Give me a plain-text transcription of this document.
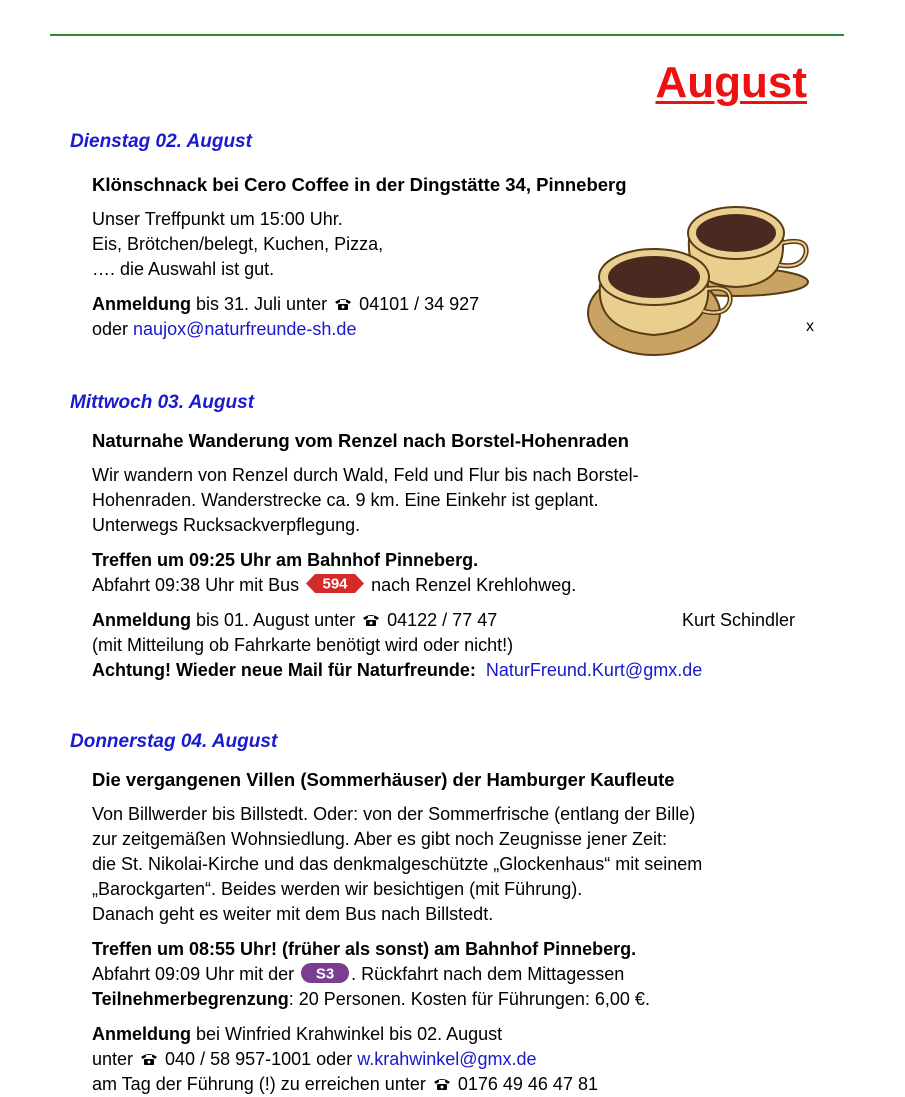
August
Dienstag 02. August
Klönschnack bei Cero Coffee in der Dingstätte 34, Pinneberg
Unser Treffpunkt um 15:00 Uhr.
Eis, Brötchen/belegt, Kuchen, Pizza,
…. die Auswahl ist gut.
Anmeldung bis 31. Juli unter  04101 / 34 927
oder naujox@naturfreunde-sh.de	x
Mittwoch 03. August
Naturnahe Wanderung vom Renzel nach Borstel-Hohenraden
Wir wandern von Renzel durch Wald, Feld und Flur bis nach Borstel-
Hohenraden. Wanderstrecke ca. 9 km. Eine Einkehr ist geplant.
Unterwegs Rucksackverpflegung.
Treffen um 09:25 Uhr am Bahnhof Pinneberg.
Abfahrt 09:38 Uhr mit Bus 594 nach Renzel Krehlohweg.
Anmeldung bis 01. August unter  04122 / 77 47	Kurt Schindler
(mit Mitteilung ob Fahrkarte benötigt wird oder nicht!)
Achtung! Wieder neue Mail für Naturfreunde: NaturFreund.Kurt@gmx.de
Donnerstag 04. August
Die vergangenen Villen (Sommerhäuser) der Hamburger Kaufleute
Von Billwerder bis Billstedt. Oder: von der Sommerfrische (entlang der Bille)
zur zeitgemäßen Wohnsiedlung. Aber es gibt noch Zeugnisse jener Zeit:
die St. Nikolai-Kirche und das denkmalgeschützte „Glockenhaus“ mit seinem
„Barockgarten“. Beides werden wir besichtigen (mit Führung).
Danach geht es weiter mit dem Bus nach Billstedt.
Treffen um 08:55 Uhr! (früher als sonst) am Bahnhof Pinneberg.
Abfahrt 09:09 Uhr mit der S3 . Rückfahrt nach dem Mittagessen
Teilnehmerbegrenzung: 20 Personen. Kosten für Führungen: 6,00 €.
Anmeldung bei Winfried Krahwinkel bis 02. August
unter  040 / 58 957-1001 oder w.krahwinkel@gmx.de
am Tag der Führung (!) zu erreichen unter  0176 49 46 47 81
